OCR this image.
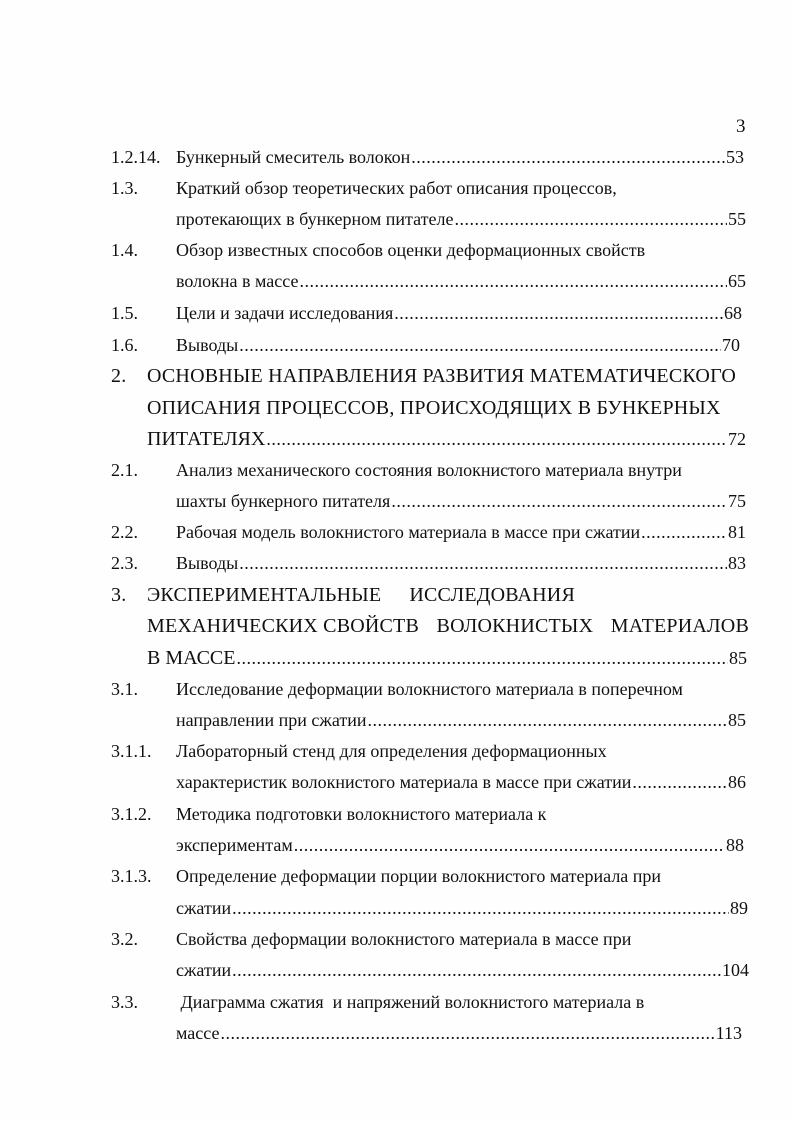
3
1.2.14. Бункерный смеситель волокон .....	53
1.3. Краткий обзор теоретических работ описания процессов,
протекающих в бункерном питателе .....	55
1.4. Обзор известных способов оценки деформационных свойств
волокна в массе .....	65
1.5. Цели и задачи исследования .....	68
1.6. Выводы .....	70
2. ОСНОВНЫЕ НАПРАВЛЕНИЯ РАЗВИТИЯ МАТЕМАТИЧЕСКОГО
ОПИСАНИЯ ПРОЦЕССОВ, ПРОИСХОДЯЩИХ В БУНКЕРНЫХ
ПИТАТЕЛЯХ .....	72
2.1. Анализ механического состояния волокнистого материала внутри
шахты бункерного питателя .....	75
2.2. Рабочая модель волокнистого материала в массе при сжатии .....	81
2.3. Выводы .....	83
3. ЭКСПЕРИМЕНТАЛЬНЫЕ ИССЛЕДОВАНИЯ
МЕХАНИЧЕСКИХ СВОЙСТВ ВОЛОКНИСТЫХ МАТЕРИАЛОВ
В МАССЕ .....	85
3.1. Исследование деформации волокнистого материала в поперечном
направлении при сжатии .....	85
3.1.1. Лабораторный стенд для определения деформационных
характеристик волокнистого материала в массе при сжатии .....	86
3.1.2. Методика подготовки волокнистого материала к
экспериментам .....	88
3.1.3. Определение деформации порции волокнистого материала при
сжатии .....	89
3.2. Свойства деформации волокнистого материала в массе при
сжатии .....	104
3.3. Диаграмма сжатия  и напряжений волокнистого материала в
массе .....	113
